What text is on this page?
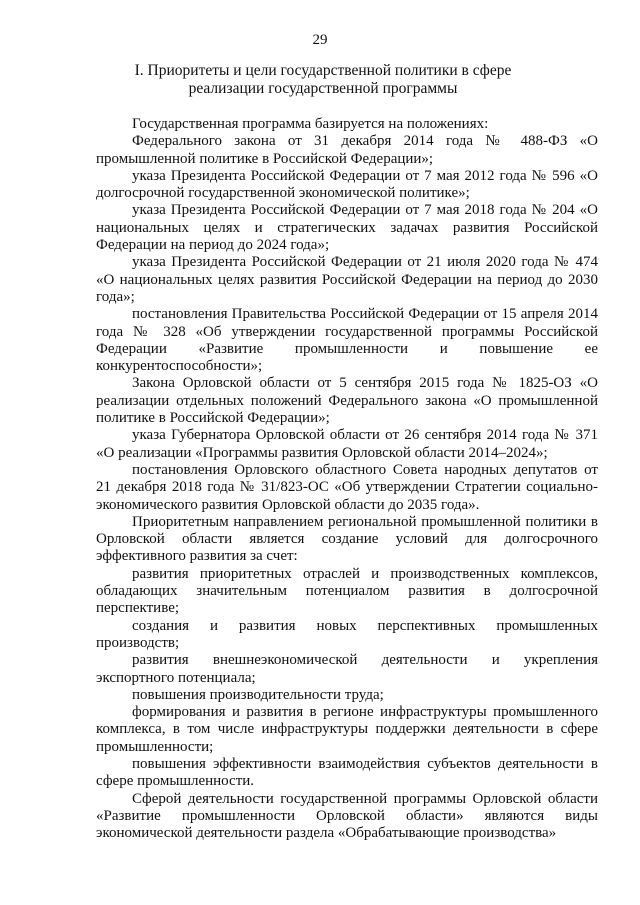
29
I. Приоритеты и цели государственной политики в сфере реализации государственной программы

Государственная программа базируется на положениях:

Федерального закона от 31 декабря 2014 года № 488-ФЗ «О промышленной политике в Российской Федерации»;

указа Президента Российской Федерации от 7 мая 2012 года № 596 «О долгосрочной государственной экономической политике»;

указа Президента Российской Федерации от 7 мая 2018 года № 204 «О национальных целях и стратегических задачах развития Российской Федерации на период до 2024 года»;

указа Президента Российской Федерации от 21 июля 2020 года № 474 «О национальных целях развития Российской Федерации на период до 2030 года»;

постановления Правительства Российской Федерации от 15 апреля 2014 года № 328 «Об утверждении государственной программы Российской Федерации «Развитие промышленности и повышение ее конкурентоспособности»;

Закона Орловской области от 5 сентября 2015 года № 1825-ОЗ «О реализации отдельных положений Федерального закона «О промышленной политике в Российской Федерации»;

указа Губернатора Орловской области от 26 сентября 2014 года № 371 «О реализации «Программы развития Орловской области 2014–2024»;

постановления Орловского областного Совета народных депутатов от 21 декабря 2018 года № 31/823-ОС «Об утверждении Стратегии социально-экономического развития Орловской области до 2035 года».

Приоритетным направлением региональной промышленной политики в Орловской области является создание условий для долгосрочного эффективного развития за счет:

развития приоритетных отраслей и производственных комплексов, обладающих значительным потенциалом развития в долгосрочной перспективе;

создания и развития новых перспективных промышленных производств;

развития внешнеэкономической деятельности и укрепления экспортного потенциала;

повышения производительности труда;

формирования и развития в регионе инфраструктуры промышленного комплекса, в том числе инфраструктуры поддержки деятельности в сфере промышленности;

повышения эффективности взаимодействия субъектов деятельности в сфере промышленности.

Сферой деятельности государственной программы Орловской области «Развитие промышленности Орловской области» являются виды экономической деятельности раздела «Обрабатывающие производства»
